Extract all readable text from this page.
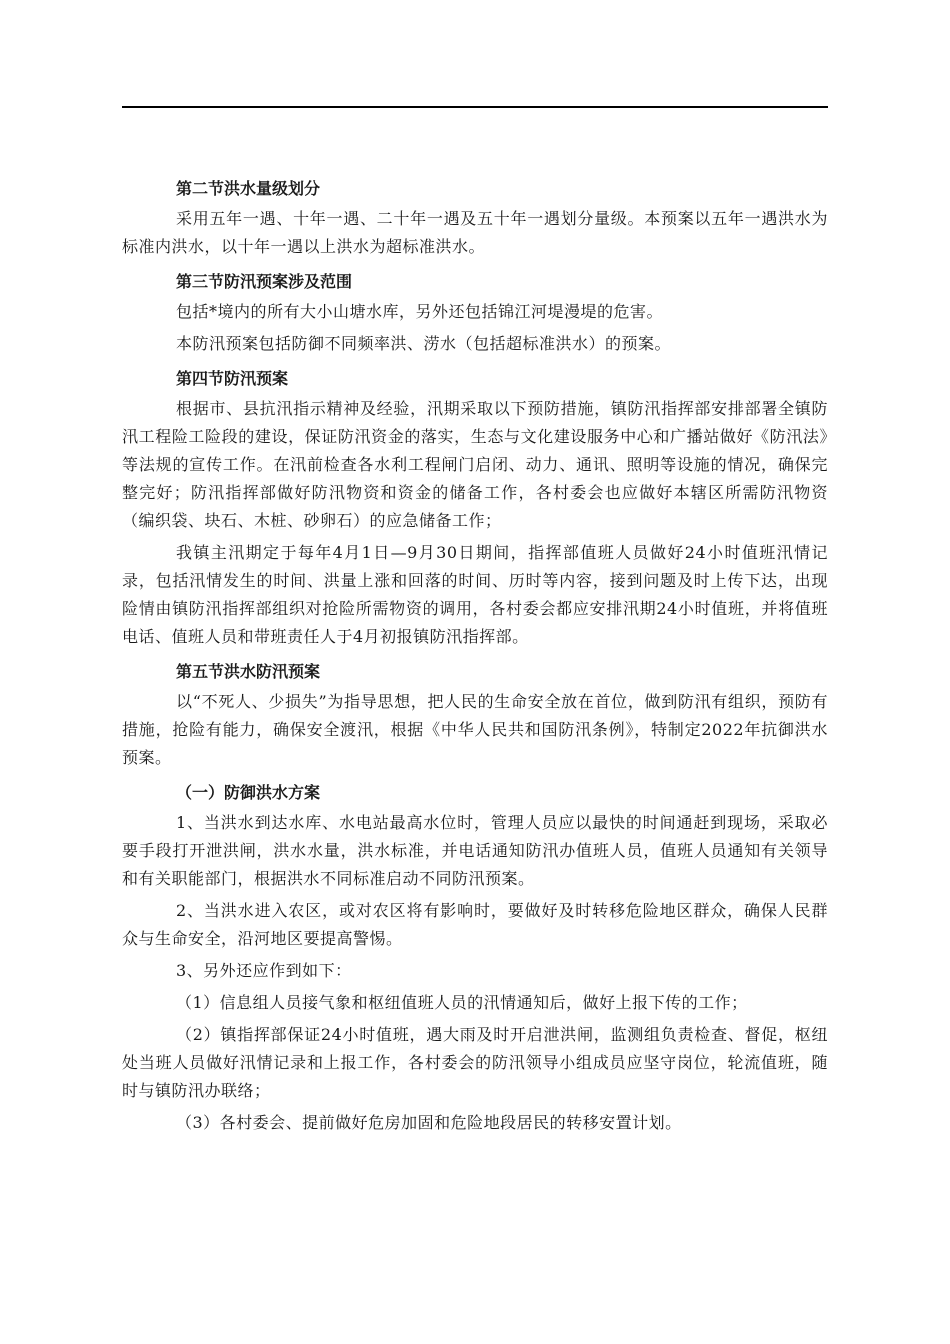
第二节洪水量级划分

采用五年一遇、十年一遇、二十年一遇及五十年一遇划分量级。本预案以五年一遇洪水为标准内洪水，以十年一遇以上洪水为超标准洪水。

第三节防汛预案涉及范围

包括*境内的所有大小山塘水库，另外还包括锦江河堤漫堤的危害。

本防汛预案包括防御不同频率洪、涝水（包括超标准洪水）的预案。

第四节防汛预案

根据市、县抗汛指示精神及经验，汛期采取以下预防措施，镇防汛指挥部安排部署全镇防汛工程险工险段的建设，保证防汛资金的落实，生态与文化建设服务中心和广播站做好《防汛法》等法规的宣传工作。在汛前检查各水利工程闸门启闭、动力、通讯、照明等设施的情况，确保完整完好；防汛指挥部做好防汛物资和资金的储备工作，各村委会也应做好本辖区所需防汛物资（编织袋、块石、木桩、砂卵石）的应急储备工作；

我镇主汛期定于每年4月1日—9月30日期间，指挥部值班人员做好24小时值班汛情记录，包括汛情发生的时间、洪量上涨和回落的时间、历时等内容，接到问题及时上传下达，出现险情由镇防汛指挥部组织对抢险所需物资的调用，各村委会都应安排汛期24小时值班，并将值班电话、值班人员和带班责任人于4月初报镇防汛指挥部。

第五节洪水防汛预案

以“不死人、少损失”为指导思想，把人民的生命安全放在首位，做到防汛有组织，预防有措施，抢险有能力，确保安全渡汛，根据《中华人民共和国防汛条例》，特制定2022年抗御洪水预案。

（一）防御洪水方案

1、当洪水到达水库、水电站最高水位时，管理人员应以最快的时间通赶到现场，采取必要手段打开泄洪闸，洪水水量，洪水标准，并电话通知防汛办值班人员，值班人员通知有关领导和有关职能部门，根据洪水不同标准启动不同防汛预案。

2、当洪水进入农区，或对农区将有影响时，要做好及时转移危险地区群众，确保人民群众与生命安全，沿河地区要提高警惕。

3、另外还应作到如下：

（1）信息组人员接气象和枢纽值班人员的汛情通知后，做好上报下传的工作；

（2）镇指挥部保证24小时值班，遇大雨及时开启泄洪闸，监测组负责检查、督促，枢纽处当班人员做好汛情记录和上报工作，各村委会的防汛领导小组成员应坚守岗位，轮流值班，随时与镇防汛办联络；

（3）各村委会、提前做好危房加固和危险地段居民的转移安置计划。
